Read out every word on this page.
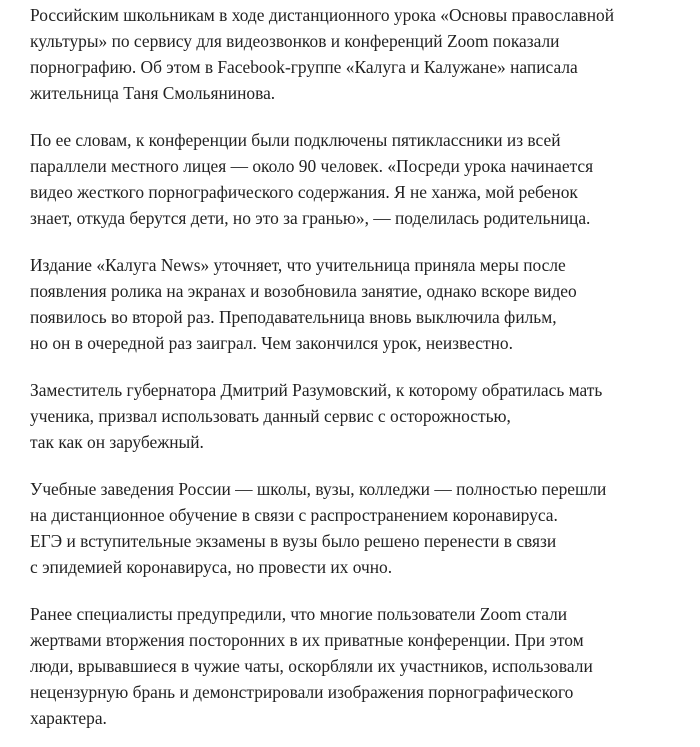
Российским школьникам в ходе дистанционного урока «Основы православной
культуры» по сервису для видеозвонков и конференций Zoom показали
порнографию. Об этом в Facebook-группе «Калуга и Калужане» написала
жительница Таня Смольянинова.

По ее словам, к конференции были подключены пятиклассники из всей
параллели местного лицея — около 90 человек. «Посреди урока начинается
видео жесткого порнографического содержания. Я не ханжа, мой ребенок
знает, откуда берутся дети, но это за гранью», — поделилась родительница.

Издание «Калуга News» уточняет, что учительница приняла меры после
появления ролика на экранах и возобновила занятие, однако вскоре видео
появилось во второй раз. Преподавательница вновь выключила фильм,
но он в очередной раз заиграл. Чем закончился урок, неизвестно.

Заместитель губернатора Дмитрий Разумовский, к которому обратилась мать
ученика, призвал использовать данный сервис с осторожностью,
так как он зарубежный.

Учебные заведения России — школы, вузы, колледжи — полностью перешли
на дистанционное обучение в связи с распространением коронавируса.
ЕГЭ и вступительные экзамены в вузы было решено перенести в связи
с эпидемией коронавируса, но провести их очно.

Ранее специалисты предупредили, что многие пользователи Zoom стали
жертвами вторжения посторонних в их приватные конференции. При этом
люди, врывавшиеся в чужие чаты, оскорбляли их участников, использовали
нецензурную брань и демонстрировали изображения порнографического
характера.
